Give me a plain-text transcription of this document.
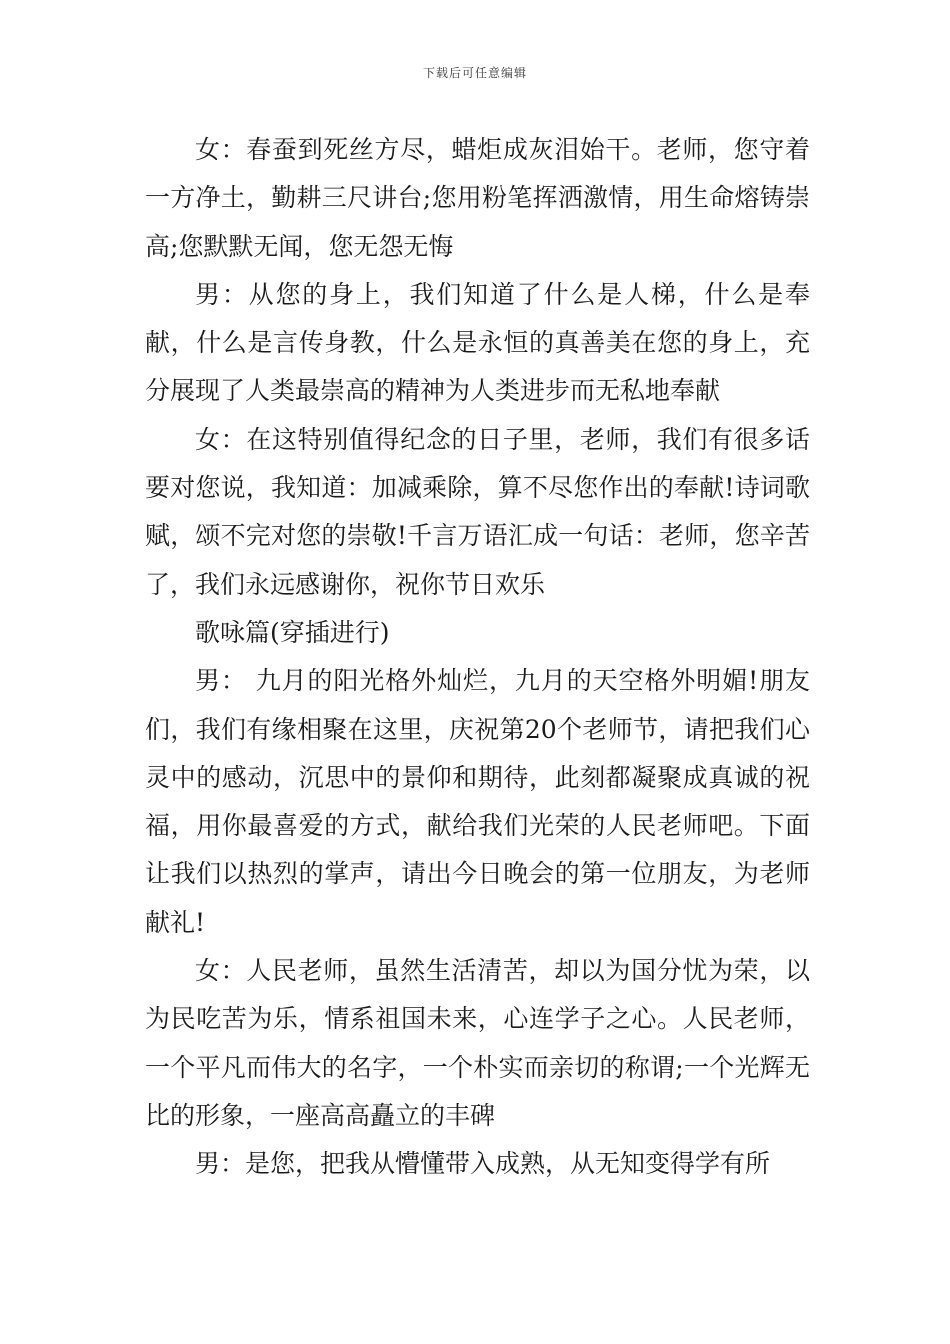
下载后可任意编辑

女：春蚕到死丝方尽，蜡炬成灰泪始干。老师，您守着一方净土，勤耕三尺讲台;您用粉笔挥洒激情，用生命熔铸崇高;您默默无闻，您无怨无悔

男：从您的身上，我们知道了什么是人梯，什么是奉献，什么是言传身教，什么是永恒的真善美在您的身上，充分展现了人类最崇高的精神为人类进步而无私地奉献

女：在这特别值得纪念的日子里，老师，我们有很多话要对您说，我知道：加减乘除，算不尽您作出的奉献!诗词歌赋，颂不完对您的崇敬!千言万语汇成一句话：老师，您辛苦了，我们永远感谢你，祝你节日欢乐

歌咏篇(穿插进行)

男： 九月的阳光格外灿烂，九月的天空格外明媚!朋友们，我们有缘相聚在这里，庆祝第20个老师节，请把我们心灵中的感动，沉思中的景仰和期待，此刻都凝聚成真诚的祝福，用你最喜爱的方式，献给我们光荣的人民老师吧。下面让我们以热烈的掌声，请出今日晚会的第一位朋友，为老师献礼!

女：人民老师，虽然生活清苦，却以为国分忧为荣，以为民吃苦为乐，情系祖国未来，心连学子之心。人民老师，一个平凡而伟大的名字，一个朴实而亲切的称谓;一个光辉无比的形象，一座高高矗立的丰碑

男：是您，把我从懵懂带入成熟，从无知变得学有所
